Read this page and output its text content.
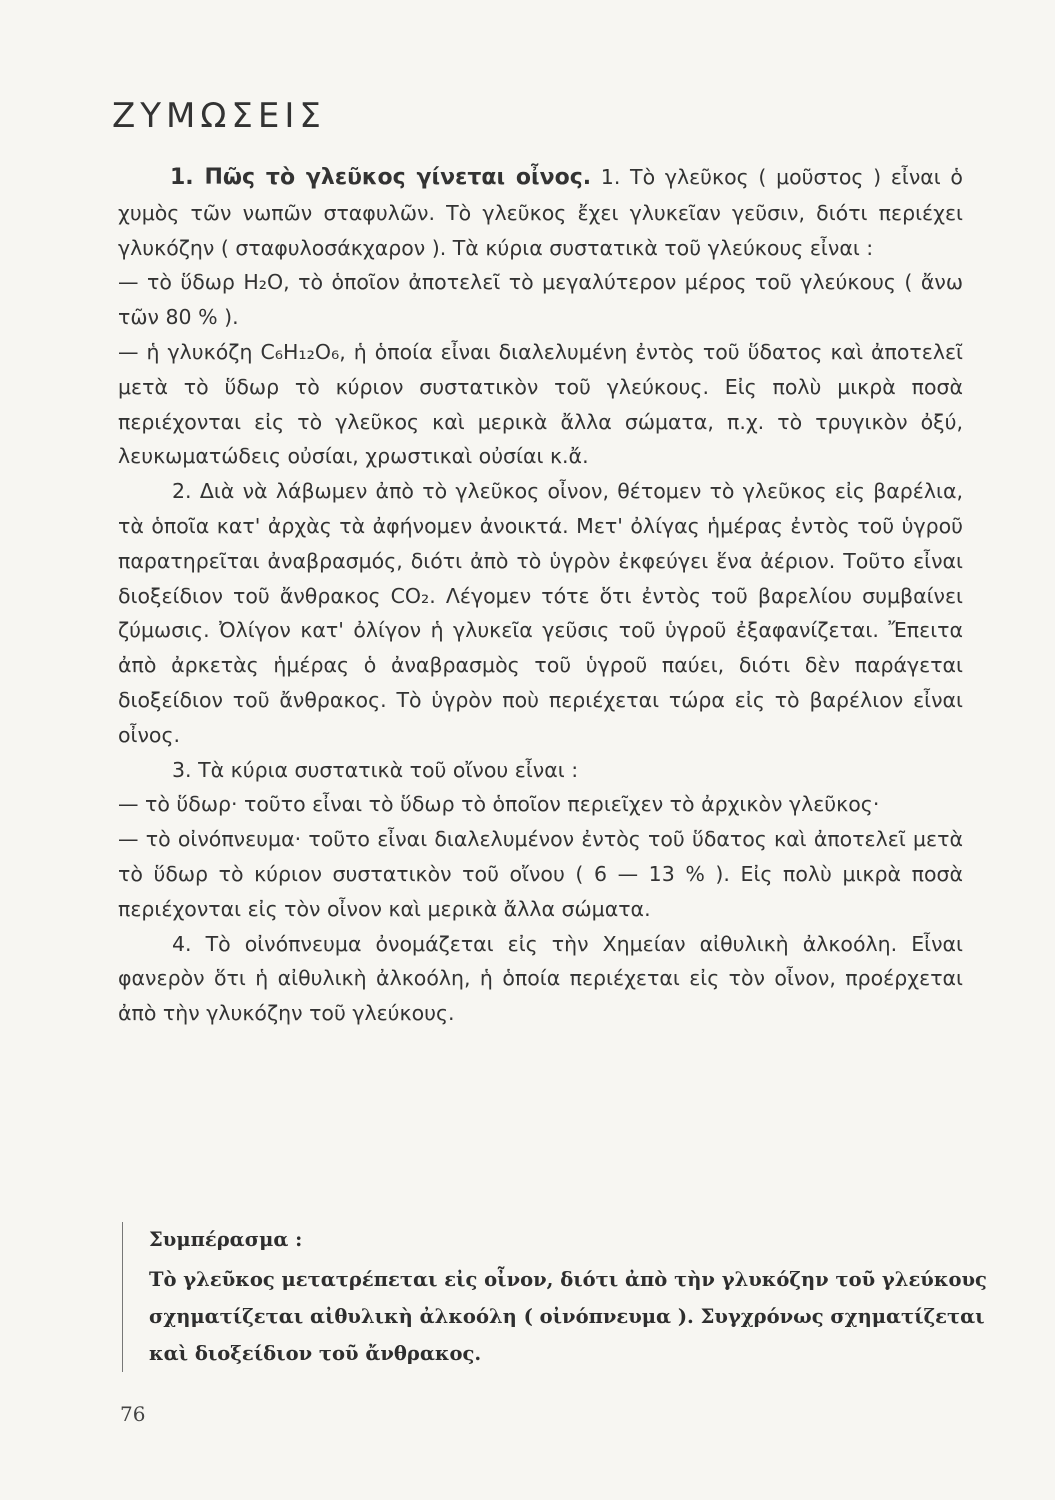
ΖΥΜΩΣΕΙΣ

1. Πῶς τὸ γλεῦκος γίνεται οἶνος. 1. Τὸ γλεῦκος ( μοῦστος ) εἶναι ὁ χυμὸς τῶν νωπῶν σταφυλῶν. Τὸ γλεῦκος ἔχει γλυκεῖαν γεῦσιν, διότι περιέχει γλυκόζην ( σταφυλοσάκχαρον ). Τὰ κύρια συστατικὰ τοῦ γλεύκους εἶναι :

— τὸ ὕδωρ H₂O, τὸ ὁποῖον ἀποτελεῖ τὸ μεγαλύτερον μέρος τοῦ γλεύκους ( ἄνω τῶν 80 % ).

— ἡ γλυκόζη C₆H₁₂O₆, ἡ ὁποία εἶναι διαλελυμένη ἐντὸς τοῦ ὕδατος καὶ ἀποτελεῖ μετὰ τὸ ὕδωρ τὸ κύριον συστατικὸν τοῦ γλεύκους. Εἰς πολὺ μικρὰ ποσὰ περιέχονται εἰς τὸ γλεῦκος καὶ μερικὰ ἄλλα σώματα, π.χ. τὸ τρυγικὸν ὀξύ, λευκωματώδεις οὐσίαι, χρωστικαὶ οὐσίαι κ.ἄ.

2. Διὰ νὰ λάβωμεν ἀπὸ τὸ γλεῦκος οἶνον, θέτομεν τὸ γλεῦκος εἰς βαρέλια, τὰ ὁποῖα κατ' ἀρχὰς τὰ ἀφήνομεν ἀνοικτά. Μετ' ὀλίγας ἡμέρας ἐντὸς τοῦ ὑγροῦ παρατηρεῖται ἀναβρασμός, διότι ἀπὸ τὸ ὑγρὸν ἐκφεύγει ἕνα ἀέριον. Τοῦτο εἶναι διοξείδιον τοῦ ἄνθρακος CO₂. Λέγομεν τότε ὅτι ἐντὸς τοῦ βαρελίου συμβαίνει ζύμωσις. Ὀλίγον κατ' ὀλίγον ἡ γλυκεῖα γεῦσις τοῦ ὑγροῦ ἐξαφανίζεται. Ἔπειτα ἀπὸ ἀρκετὰς ἡμέρας ὁ ἀναβρασμὸς τοῦ ὑγροῦ παύει, διότι δὲν παράγεται διοξείδιον τοῦ ἄνθρακος. Τὸ ὑγρὸν ποὺ περιέχεται τώρα εἰς τὸ βαρέλιον εἶναι οἶνος.

3. Τὰ κύρια συστατικὰ τοῦ οἴνου εἶναι :

— τὸ ὕδωρ· τοῦτο εἶναι τὸ ὕδωρ τὸ ὁποῖον περιεῖχεν τὸ ἀρχικὸν γλεῦκος·

— τὸ οἰνόπνευμα· τοῦτο εἶναι διαλελυμένον ἐντὸς τοῦ ὕδατος καὶ ἀποτελεῖ μετὰ τὸ ὕδωρ τὸ κύριον συστατικὸν τοῦ οἴνου ( 6 — 13 % ). Εἰς πολὺ μικρὰ ποσὰ περιέχονται εἰς τὸν οἶνον καὶ μερικὰ ἄλλα σώματα.

4. Τὸ οἰνόπνευμα ὀνομάζεται εἰς τὴν Χημείαν αἰθυλικὴ ἀλκοόλη. Εἶναι φανερὸν ὅτι ἡ αἰθυλικὴ ἀλκοόλη, ἡ ὁποία περιέχεται εἰς τὸν οἶνον, προέρχεται ἀπὸ τὴν γλυκόζην τοῦ γλεύκους.

Συμπέρασμα :
Τὸ γλεῦκος μετατρέπεται εἰς οἶνον, διότι ἀπὸ τὴν γλυκόζην τοῦ γλεύκους σχηματίζεται αἰθυλικὴ ἀλκοόλη ( οἰνόπνευμα ). Συγχρόνως σχηματίζεται καὶ διοξείδιον τοῦ ἄνθρακος.
76
